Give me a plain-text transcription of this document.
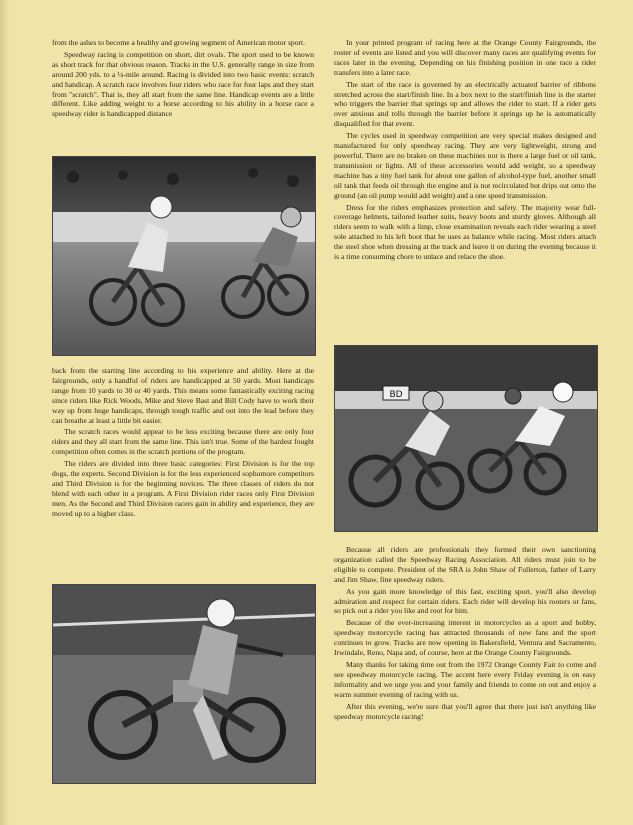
from the ashes to become a healthy and growing segment of American motor sport.

Speedway racing is competition on short, dirt ovals. The sport used to be known as short track for that obvious reason. Tracks in the U.S. generally range in size from around 200 yds. to a ¼-mile around. Racing is divided into two basic events: scratch and handicap. A scratch race involves four riders who race for four laps and they start from "scratch". That is, they all start from the same line. Handicap events are a little different. Like adding weight to a horse according to his ability in a horse race a speedway rider is handicapped distance

back from the starting line according to his experience and ability. Here at the fairgrounds, only a handful of riders are handicapped at 50 yards. Most handicaps range from 10 yards to 30 or 40 yards. This means some fantastically exciting racing since riders like Rick Woods, Mike and Steve Bast and Bill Cody have to work their way up from huge handicaps, through tough traffic and out into the lead before they can breathe at least a little bit easier.

The scratch races would appear to be less exciting because there are only four riders and they all start from the same line. This isn't true. Some of the hardest fought competition often comes in the scratch portions of the program.

The riders are divided into three basic categories: First Division is for the top dogs, the experts. Second Division is for the less experienced sophomore competitors and Third Division is for the beginning novices. The three classes of riders do not blend with each other in a program. A First Division rider races only First Division men. As the Second and Third Division racers gain in ability and experience, they are moved up to a higher class.

In your printed program of racing here at the Orange County Fairgrounds, the roster of events are listed and you will discover many races are qualifying events for races later in the evening. Depending on his finishing position in one race a rider transfers into a later race.

The start of the race is governed by an electrically actuated barrier of ribbons stretched across the start/finish line. In a box next to the start/finish line is the starter who triggers the barrier that springs up and allows the rider to start. If a rider gets over anxious and rolls through the barrier before it springs up he is automatically disqualified for that event.

The cycles used in speedway competition are very special makes designed and manufactured for only speedway racing. They are very lightweight, strong and powerful. There are no brakes on these machines nor is there a large fuel or oil tank, transmission or lights. All of these accessories would add weight, so a speedway machine has a tiny fuel tank for about one gallon of alcohol-type fuel, another small oil tank that feeds oil through the engine and is not recirculated but drips out onto the ground (an oil pump would add weight) and a one speed transmission.

Dress for the riders emphasizes protection and safety. The majority wear full-coverage helmets, tailored leather suits, heavy boots and sturdy gloves. Although all riders seem to walk with a limp, close examination reveals each rider wearing a steel sole attached to his left boot that he uses as balance while racing. Most riders attach the steel shoe when dressing at the track and leave it on during the evening because it is a time consuming chore to unlace and relace the shoe.

BD

Because all riders are professionals they formed their own sanctioning organization called the Speedway Racing Association. All riders must join to be eligible to compete. President of the SRA is John Shaw of Fullerton, father of Larry and Jim Shaw, fine speedway riders.

As you gain more knowledge of this fast, exciting sport, you'll also develop admiration and respect for certain riders. Each rider will develop his rooters or fans, so pick out a rider you like and root for him.

Because of the ever-increasing interest in motorcycles as a sport and hobby, speedway motorcycle racing has attracted thousands of new fans and the sport continues to grow. Tracks are now opening in Bakersfield, Ventura and Sacramento, Irwindale, Reno, Napa and, of course, here at the Orange County Fairgrounds.

Many thanks for taking time out from the 1972 Orange County Fair to come and see speedway motorcycle racing. The accent here every Friday evening is on easy informality and we urge you and your family and friends to come on out and enjoy a warm summer evening of racing with us.

After this evening, we're sure that you'll agree that there just isn't anything like speedway motorcycle racing!
